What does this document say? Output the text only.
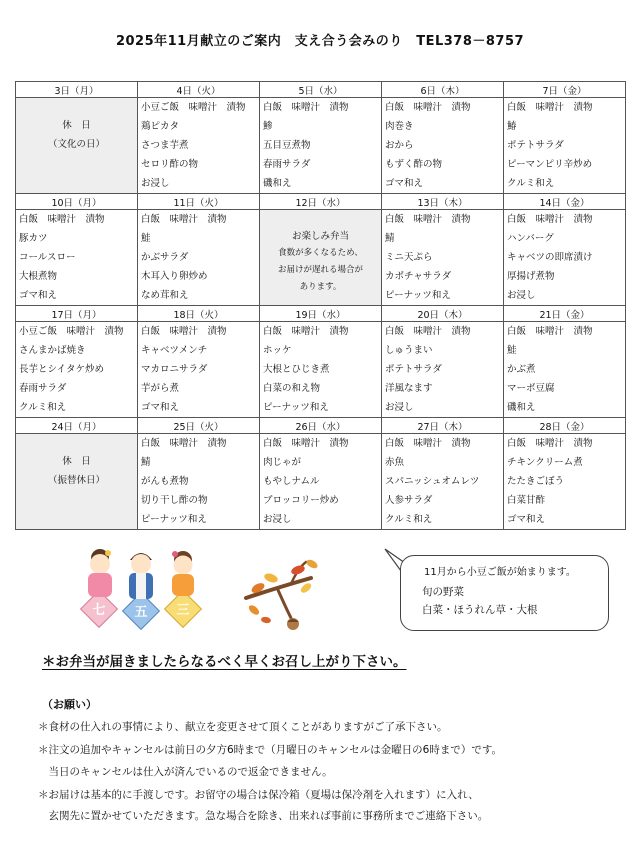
2025年11月献立のご案内　支え合う会みのり　TEL378－8757
3日（月）	4日（火）	5日（水）	6日（木）	7日（金）

休　日
（文化の日）	小豆ご飯　味噌汁　漬物
鶏ピカタ
さつま芋煮
セロリ酢の物
お浸し	白飯　味噌汁　漬物
鯵
五目豆煮物
春雨サラダ
磯和え	白飯　味噌汁　漬物
肉巻き
おから
もずく酢の物
ゴマ和え	白飯　味噌汁　漬物
鰆
ポテトサラダ
ピーマンピリ辛炒め
クルミ和え

10日（月）	11日（火）	12日（水）	13日（木）	14日（金）

白飯　味噌汁　漬物
豚カツ
コールスロー
大根煮物
ゴマ和え	白飯　味噌汁　漬物
鮭
かぶサラダ
木耳入り卵炒め
なめ茸和え	お楽しみ弁当
食数が多くなるため、
お届けが遅れる場合が
あります。	白飯　味噌汁　漬物
鯖
ミニ天ぷら
カボチャサラダ
ピーナッツ和え	白飯　味噌汁　漬物
ハンバーグ
キャベツの即席漬け
厚揚げ煮物
お浸し

17日（月）	18日（火）	19日（水）	20日（木）	21日（金）

小豆ご飯　味噌汁　漬物
さんまかば焼き
長芋とシイタケ炒め
春雨サラダ
クルミ和え	白飯　味噌汁　漬物
キャベツメンチ
マカロニサラダ
芋がら煮
ゴマ和え	白飯　味噌汁　漬物
ホッケ
大根とひじき煮
白菜の和え物
ピーナッツ和え	白飯　味噌汁　漬物
しゅうまい
ポテトサラダ
洋風なます
お浸し	白飯　味噌汁　漬物
鮭
かぶ煮
マーボ豆腐
磯和え

24日（月）	25日（火）	26日（水）	27日（木）	28日（金）

休　日
（振替休日）	白飯　味噌汁　漬物
鯖
がんも煮物
切り干し酢の物
ピーナッツ和え	白飯　味噌汁　漬物
肉じゃが
もやしナムル
ブロッコリー炒め
お浸し	白飯　味噌汁　漬物
赤魚
スパニッシュオムレツ
人参サラダ
クルミ和え	白飯　味噌汁　漬物
チキンクリーム煮
たたきごぼう
白菜甘酢
ゴマ和え
七 五 三
11月から小豆ご飯が始まります。
旬の野菜
白菜・ほうれん草・大根
＊お弁当が届きましたらなるべく早くお召し上がり下さい。
（お願い）
＊食材の仕入れの事情により、献立を変更させて頂くことがありますがご了承下さい。
＊注文の追加やキャンセルは前日の夕方6時まで（月曜日のキャンセルは金曜日の6時まで）です。
　当日のキャンセルは仕入が済んでいるので返金できません。
＊お届けは基本的に手渡しです。お留守の場合は保冷箱（夏場は保冷剤を入れます）に入れ、
　玄関先に置かせていただきます。急な場合を除き、出来れば事前に事務所までご連絡下さい。
